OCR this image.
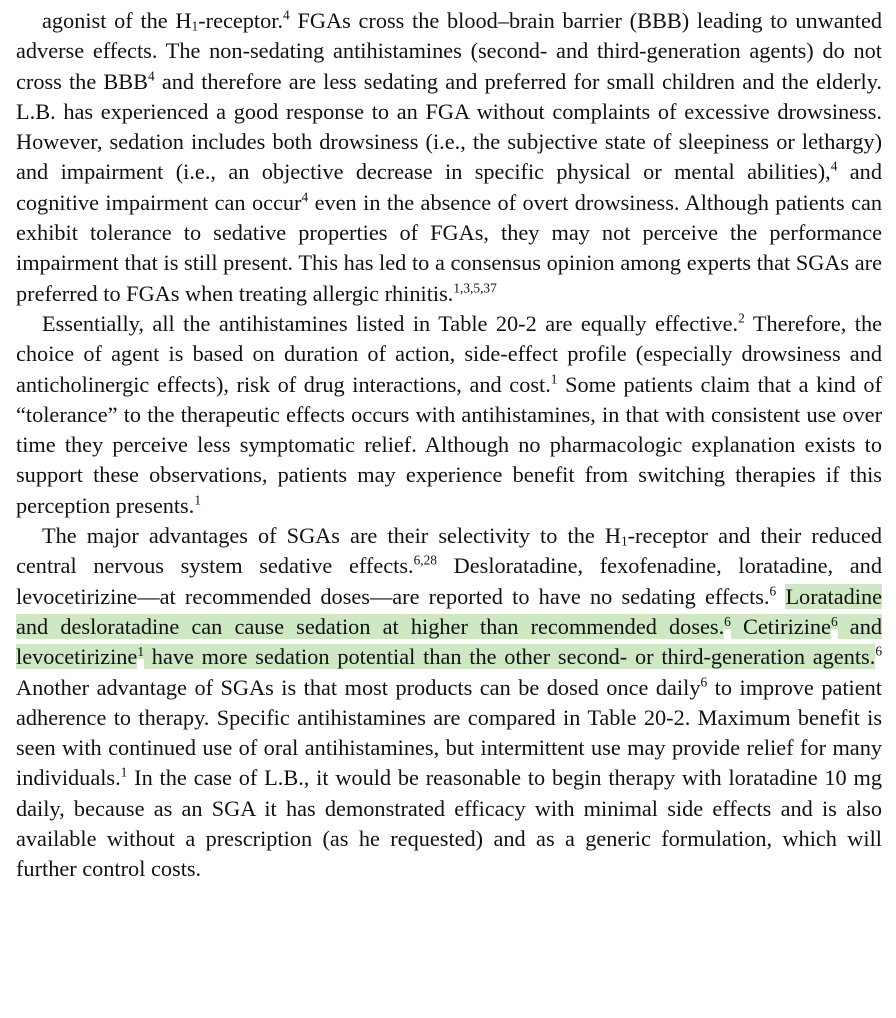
agonist of the $H_1-receptor.^4$ FGAs cross the blood–brain barrier (BBB) leading to unwanted adverse effects. The non-sedating antihistamines (second- and third-generation agents) do not cross the BBB$^4$ and therefore are less sedating and preferred for small children and the elderly. L.B. has experienced a good response to an FGA without complaints of excessive drowsiness. However, sedation includes both drowsiness (i.e., the subjective state of sleepiness or lethargy) and impairment (i.e., an objective decrease in specific physical or mental abilities),$^4$ and cognitive impairment can occur$^4$ even in the absence of overt drowsiness. Although patients can exhibit tolerance to sedative properties of FGAs, they may not perceive the performance impairment that is still present. This has led to a consensus opinion among experts that SGAs are preferred to FGAs when treating allergic rhinitis.$^{1,3,5,37}$

Essentially, all the antihistamines listed in Table 20-2 are equally effective.$^2$ Therefore, the choice of agent is based on duration of action, side-effect profile (especially drowsiness and anticholinergic effects), risk of drug interactions, and cost.$^1$ Some patients claim that a kind of “tolerance” to the therapeutic effects occurs with antihistamines, in that with consistent use over time they perceive less symptomatic relief. Although no pharmacologic explanation exists to support these observations, patients may experience benefit from switching therapies if this perception presents.$^1$

The major advantages of SGAs are their selectivity to the $H_1$-receptor and their reduced central nervous system sedative effects.$^{6,28}$ Desloratadine, fexofenadine, loratadine, and levocetirizine—at recommended doses—are reported to have no sedating effects.$^6$ Loratadine and desloratadine can cause sedation at higher than recommended doses.$^6$ Cetirizine$^6$ and levocetirizine$^1$ have more sedation potential than the other second- or third-generation agents.$^6$ Another advantage of SGAs is that most products can be dosed once daily$^6$ to improve patient adherence to therapy. Specific antihistamines are compared in Table 20-2. Maximum benefit is seen with continued use of oral antihistamines, but intermittent use may provide relief for many individuals.$^1$ In the case of L.B., it would be reasonable to begin therapy with loratadine 10 mg daily, because as an SGA it has demonstrated efficacy with minimal side effects and is also available without a prescription (as he requested) and as a generic formulation, which will further control costs.
